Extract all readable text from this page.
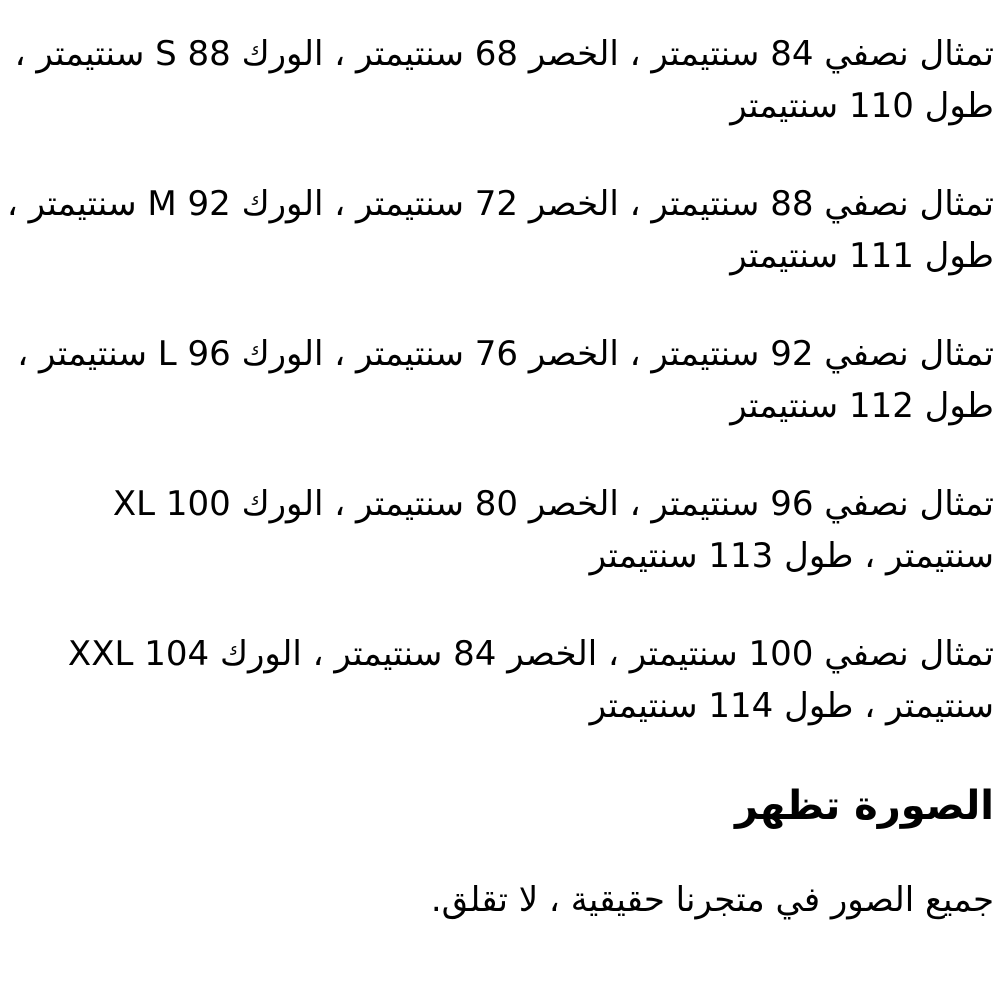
تمثال نصفي 84 سنتيمتر ، الخصر 68 سنتيمتر ، الورك 88 S سنتيمتر ، طول 110 سنتيمتر

تمثال نصفي 88 سنتيمتر ، الخصر 72 سنتيمتر ، الورك 92 M سنتيمتر ، طول 111 سنتيمتر

تمثال نصفي 92 سنتيمتر ، الخصر 76 سنتيمتر ، الورك 96 L سنتيمتر ، طول 112 سنتيمتر

تمثال نصفي 96 سنتيمتر ، الخصر 80 سنتيمتر ، الورك 100 XL سنتيمتر ، طول 113 سنتيمتر

تمثال نصفي 100 سنتيمتر ، الخصر 84 سنتيمتر ، الورك XXL 104 سنتيمتر ، طول 114 سنتيمتر

الصورة تظهر

جميع الصور في متجرنا حقيقية ، لا تقلق.
